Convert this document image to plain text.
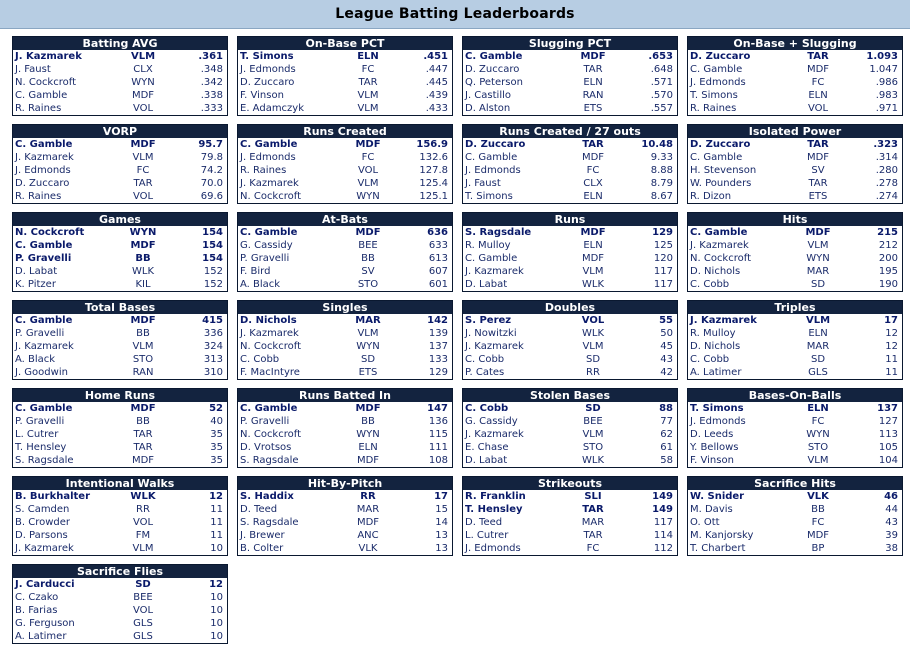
League Batting Leaderboards
Batting AVG
J. Kazmarek	VLM	.361
J. Faust	CLX	.348
N. Cockcroft	WYN	.342
C. Gamble	MDF	.338
R. Raines	VOL	.333
On-Base PCT
T. Simons	ELN	.451
J. Edmonds	FC	.447
D. Zuccaro	TAR	.445
F. Vinson	VLM	.439
E. Adamczyk	VLM	.433
Slugging PCT
C. Gamble	MDF	.653
D. Zuccaro	TAR	.648
Q. Peterson	ELN	.571
J. Castillo	RAN	.570
D. Alston	ETS	.557
On-Base + Slugging
D. Zuccaro	TAR	1.093
C. Gamble	MDF	1.047
J. Edmonds	FC	.986
T. Simons	ELN	.983
R. Raines	VOL	.971
VORP
C. Gamble	MDF	95.7
J. Kazmarek	VLM	79.8
J. Edmonds	FC	74.2
D. Zuccaro	TAR	70.0
R. Raines	VOL	69.6
Runs Created
C. Gamble	MDF	156.9
J. Edmonds	FC	132.6
R. Raines	VOL	127.8
J. Kazmarek	VLM	125.4
N. Cockcroft	WYN	125.1
Runs Created / 27 outs
D. Zuccaro	TAR	10.48
C. Gamble	MDF	9.33
J. Edmonds	FC	8.88
J. Faust	CLX	8.79
T. Simons	ELN	8.67
Isolated Power
D. Zuccaro	TAR	.323
C. Gamble	MDF	.314
H. Stevenson	SV	.280
W. Pounders	TAR	.278
R. Dizon	ETS	.274
Games
N. Cockcroft	WYN	154
C. Gamble	MDF	154
P. Gravelli	BB	154
D. Labat	WLK	152
K. Pitzer	KIL	152
At-Bats
C. Gamble	MDF	636
G. Cassidy	BEE	633
P. Gravelli	BB	613
F. Bird	SV	607
A. Black	STO	601
Runs
S. Ragsdale	MDF	129
R. Mulloy	ELN	125
C. Gamble	MDF	120
J. Kazmarek	VLM	117
D. Labat	WLK	117
Hits
C. Gamble	MDF	215
J. Kazmarek	VLM	212
N. Cockcroft	WYN	200
D. Nichols	MAR	195
C. Cobb	SD	190
Total Bases
C. Gamble	MDF	415
P. Gravelli	BB	336
J. Kazmarek	VLM	324
A. Black	STO	313
J. Goodwin	RAN	310
Singles
D. Nichols	MAR	142
J. Kazmarek	VLM	139
N. Cockcroft	WYN	137
C. Cobb	SD	133
F. MacIntyre	ETS	129
Doubles
S. Perez	VOL	55
J. Nowitzki	WLK	50
J. Kazmarek	VLM	45
C. Cobb	SD	43
P. Cates	RR	42
Triples
J. Kazmarek	VLM	17
R. Mulloy	ELN	12
D. Nichols	MAR	12
C. Cobb	SD	11
A. Latimer	GLS	11
Home Runs
C. Gamble	MDF	52
P. Gravelli	BB	40
L. Cutrer	TAR	35
T. Hensley	TAR	35
S. Ragsdale	MDF	35
Runs Batted In
C. Gamble	MDF	147
P. Gravelli	BB	136
N. Cockcroft	WYN	115
D. Vrotsos	ELN	111
S. Ragsdale	MDF	108
Stolen Bases
C. Cobb	SD	88
G. Cassidy	BEE	77
J. Kazmarek	VLM	62
E. Chase	STO	61
D. Labat	WLK	58
Bases-On-Balls
T. Simons	ELN	137
J. Edmonds	FC	127
D. Leeds	WYN	113
Y. Bellows	STO	105
F. Vinson	VLM	104
Intentional Walks
B. Burkhalter	WLK	12
S. Camden	RR	11
B. Crowder	VOL	11
D. Parsons	FM	11
J. Kazmarek	VLM	10
Hit-By-Pitch
S. Haddix	RR	17
D. Teed	MAR	15
S. Ragsdale	MDF	14
J. Brewer	ANC	13
B. Colter	VLK	13
Strikeouts
R. Franklin	SLI	149
T. Hensley	TAR	149
D. Teed	MAR	117
L. Cutrer	TAR	114
J. Edmonds	FC	112
Sacrifice Hits
W. Snider	VLK	46
M. Davis	BB	44
O. Ott	FC	43
M. Kanjorsky	MDF	39
T. Charbert	BP	38
Sacrifice Flies
J. Carducci	SD	12
C. Czako	BEE	10
B. Farias	VOL	10
G. Ferguson	GLS	10
A. Latimer	GLS	10
